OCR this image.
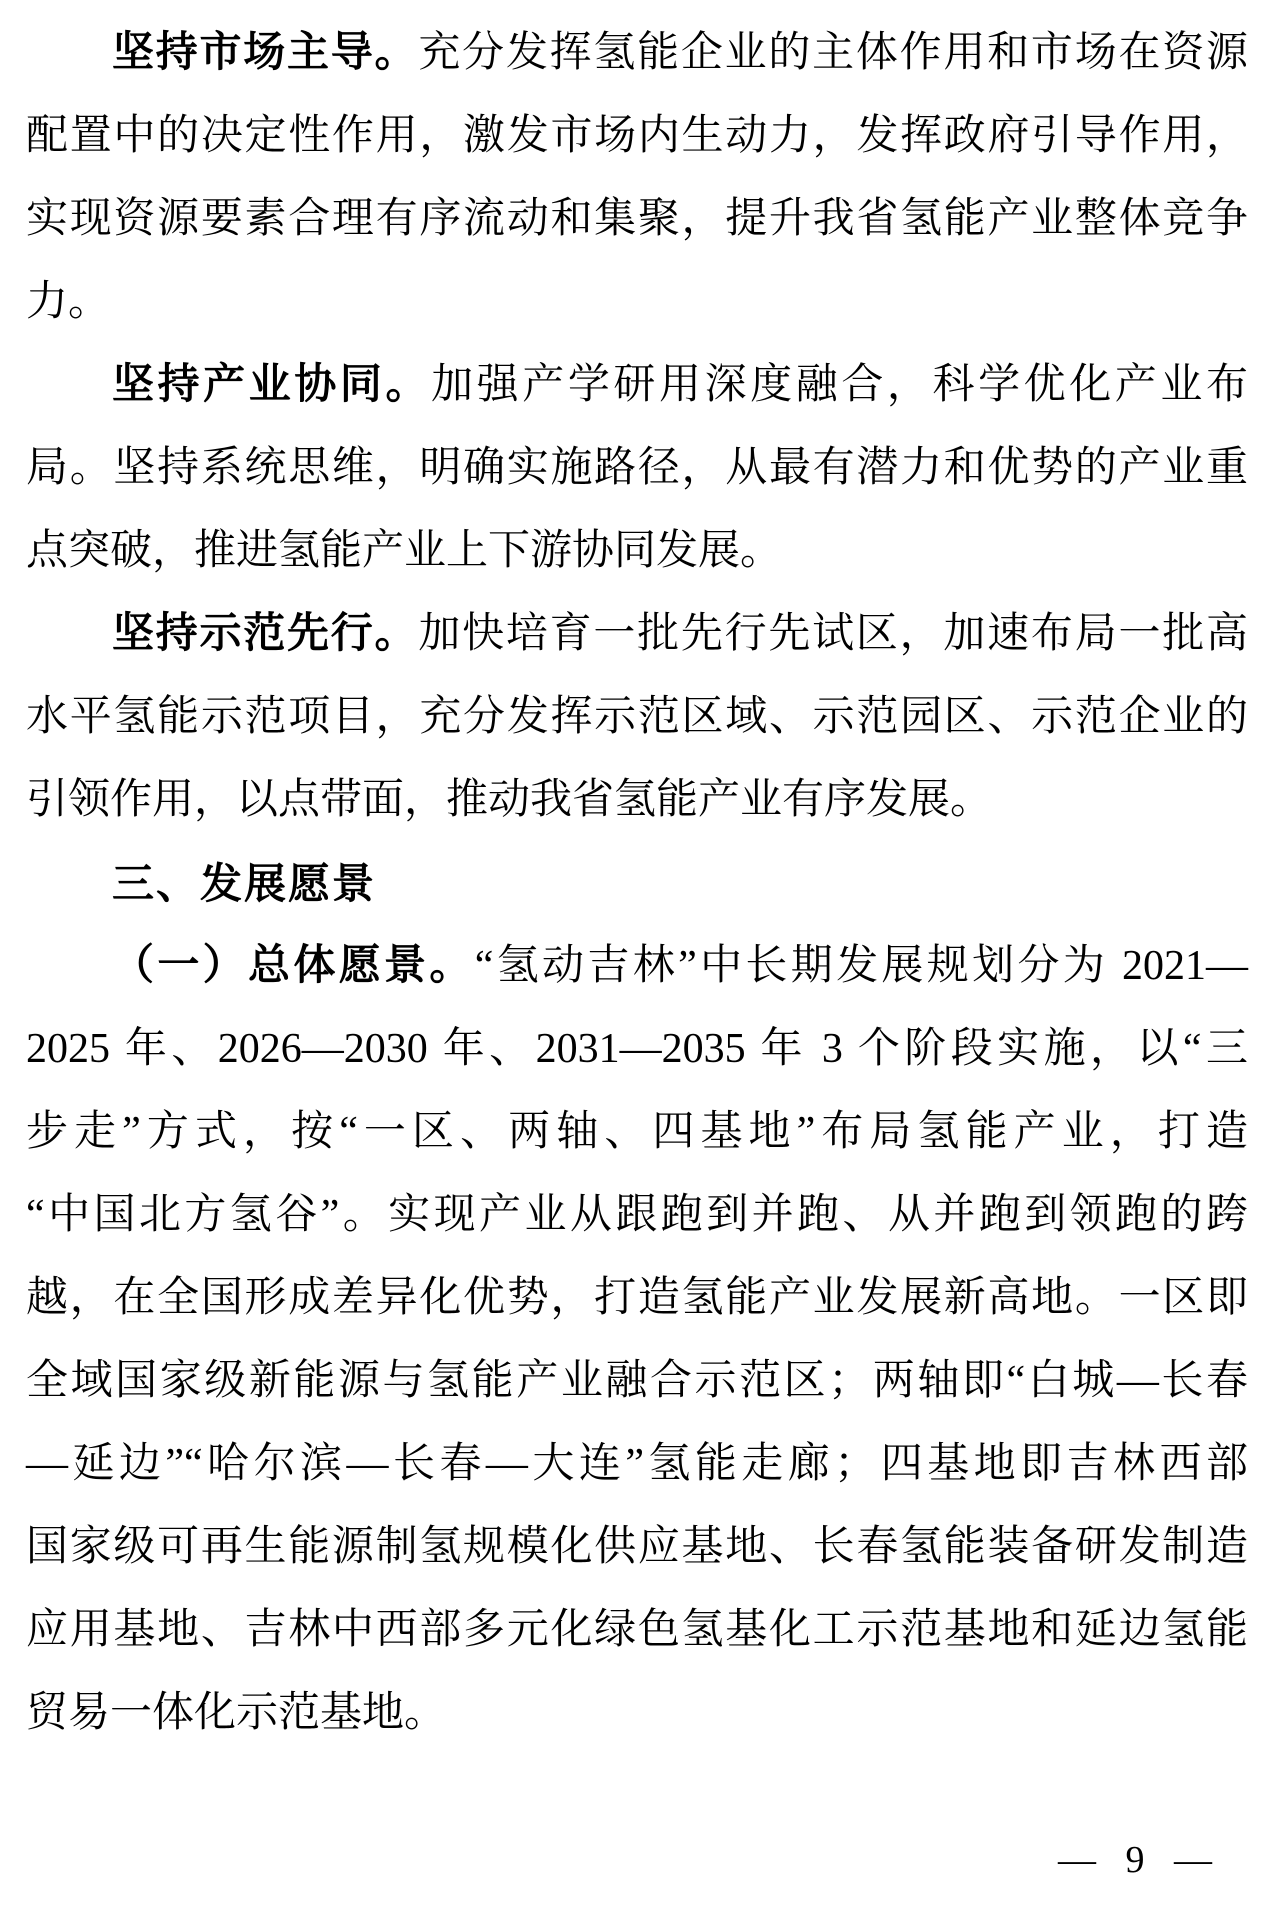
坚持市场主导。充分发挥氢能企业的主体作用和市场在资源
配置中的决定性作用，激发市场内生动力，发挥政府引导作用，
实现资源要素合理有序流动和集聚，提升我省氢能产业整体竞争
力。
坚持产业协同。加强产学研用深度融合，科学优化产业布
局。坚持系统思维，明确实施路径，从最有潜力和优势的产业重
点突破，推进氢能产业上下游协同发展。
坚持示范先行。加快培育一批先行先试区，加速布局一批高
水平氢能示范项目，充分发挥示范区域、示范园区、示范企业的
引领作用，以点带面，推动我省氢能产业有序发展。
三、发展愿景
（一）总体愿景。“氢动吉林”中长期发展规划分为 2021—
2025 年、2026—2030 年、2031—2035 年 3 个阶段实施，以“三
步走”方式，按“一区、两轴、四基地”布局氢能产业，打造
“中国北方氢谷”。实现产业从跟跑到并跑、从并跑到领跑的跨
越，在全国形成差异化优势，打造氢能产业发展新高地。一区即
全域国家级新能源与氢能产业融合示范区；两轴即“白城—长春
—延边”“哈尔滨—长春—大连”氢能走廊；四基地即吉林西部
国家级可再生能源制氢规模化供应基地、长春氢能装备研发制造
应用基地、吉林中西部多元化绿色氢基化工示范基地和延边氢能
贸易一体化示范基地。
— 9 —
